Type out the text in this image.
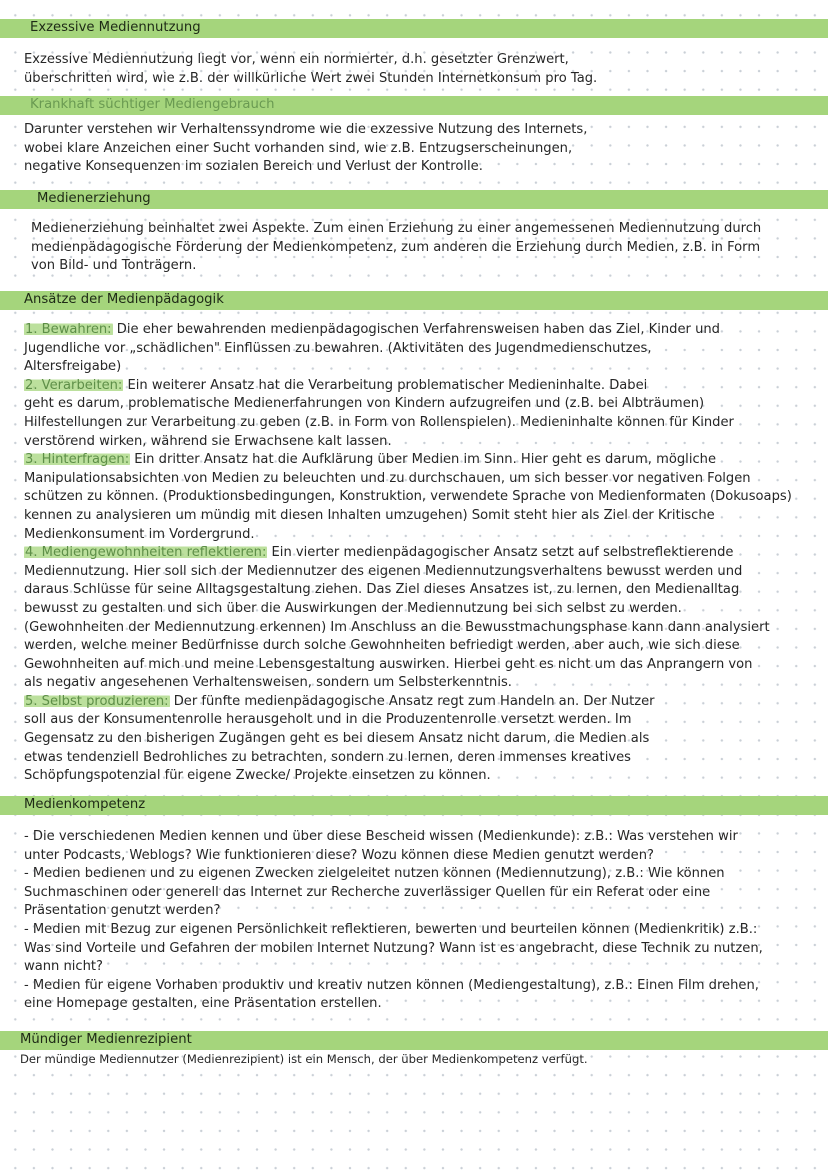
Exzessive Mediennutzung
Exzessive Mediennutzung liegt vor, wenn ein normierter, d.h. gesetzter Grenzwert,
überschritten wird, wie z.B. der willkürliche Wert zwei Stunden Internetkonsum pro Tag.
Krankhaft süchtiger Mediengebrauch
Darunter verstehen wir Verhaltenssyndrome wie die exzessive Nutzung des Internets,
wobei klare Anzeichen einer Sucht vorhanden sind, wie z.B. Entzugserscheinungen,
negative Konsequenzen im sozialen Bereich und Verlust der Kontrolle.
Medienerziehung
Medienerziehung beinhaltet zwei Aspekte. Zum einen Erziehung zu einer angemessenen Mediennutzung durch
medienpädagogische Förderung der Medienkompetenz, zum anderen die Erziehung durch Medien, z.B. in Form
von Bild- und Tonträgern.
Ansätze der Medienpädagogik
1. Bewahren: Die eher bewahrenden medienpädagogischen Verfahrensweisen haben das Ziel, Kinder und
Jugendliche vor „schädlichen" Einflüssen zu bewahren. (Aktivitäten des Jugendmedienschutzes,
Altersfreigabe)
2. Verarbeiten: Ein weiterer Ansatz hat die Verarbeitung problematischer Medieninhalte. Dabei
geht es darum, problematische Medienerfahrungen von Kindern aufzugreifen und (z.B. bei Albträumen)
Hilfestellungen zur Verarbeitung zu geben (z.B. in Form von Rollenspielen). Medieninhalte können für Kinder
verstörend wirken, während sie Erwachsene kalt lassen.
3. Hinterfragen: Ein dritter Ansatz hat die Aufklärung über Medien im Sinn. Hier geht es darum, mögliche
Manipulationsabsichten von Medien zu beleuchten und zu durchschauen, um sich besser vor negativen Folgen
schützen zu können. (Produktionsbedingungen, Konstruktion, verwendete Sprache von Medienformaten (Dokusoaps)
kennen zu analysieren um mündig mit diesen Inhalten umzugehen) Somit steht hier als Ziel der Kritische
Medienkonsument im Vordergrund.
4. Mediengewohnheiten reflektieren: Ein vierter medienpädagogischer Ansatz setzt auf selbstreflektierende
Mediennutzung. Hier soll sich der Mediennutzer des eigenen Mediennutzungsverhaltens bewusst werden und
daraus Schlüsse für seine Alltagsgestaltung ziehen. Das Ziel dieses Ansatzes ist, zu lernen, den Medienalltag
bewusst zu gestalten und sich über die Auswirkungen der Mediennutzung bei sich selbst zu werden.
(Gewohnheiten der Mediennutzung erkennen) Im Anschluss an die Bewusstmachungsphase kann dann analysiert
werden, welche meiner Bedürfnisse durch solche Gewohnheiten befriedigt werden, aber auch, wie sich diese
Gewohnheiten auf mich und meine Lebensgestaltung auswirken. Hierbei geht es nicht um das Anprangern von
als negativ angesehenen Verhaltensweisen, sondern um Selbsterkenntnis.
5. Selbst produzieren: Der fünfte medienpädagogische Ansatz regt zum Handeln an. Der Nutzer
soll aus der Konsumentenrolle herausgeholt und in die Produzentenrolle versetzt werden. Im
Gegensatz zu den bisherigen Zugängen geht es bei diesem Ansatz nicht darum, die Medien als
etwas tendenziell Bedrohliches zu betrachten, sondern zu lernen, deren immenses kreatives
Schöpfungspotenzial für eigene Zwecke/ Projekte einsetzen zu können.
Medienkompetenz
- Die verschiedenen Medien kennen und über diese Bescheid wissen (Medienkunde): z.B.: Was verstehen wir
unter Podcasts, Weblogs? Wie funktionieren diese? Wozu können diese Medien genutzt werden?
- Medien bedienen und zu eigenen Zwecken zielgeleitet nutzen können (Mediennutzung), z.B.: Wie können
Suchmaschinen oder generell das Internet zur Recherche zuverlässiger Quellen für ein Referat oder eine
Präsentation genutzt werden?
- Medien mit Bezug zur eigenen Persönlichkeit reflektieren, bewerten und beurteilen können (Medienkritik) z.B.:
Was sind Vorteile und Gefahren der mobilen Internet Nutzung? Wann ist es angebracht, diese Technik zu nutzen,
wann nicht?
- Medien für eigene Vorhaben produktiv und kreativ nutzen können (Mediengestaltung), z.B.: Einen Film drehen,
eine Homepage gestalten, eine Präsentation erstellen.
Mündiger Medienrezipient
Der mündige Mediennutzer (Medienrezipient) ist ein Mensch, der über Medienkompetenz verfügt.
